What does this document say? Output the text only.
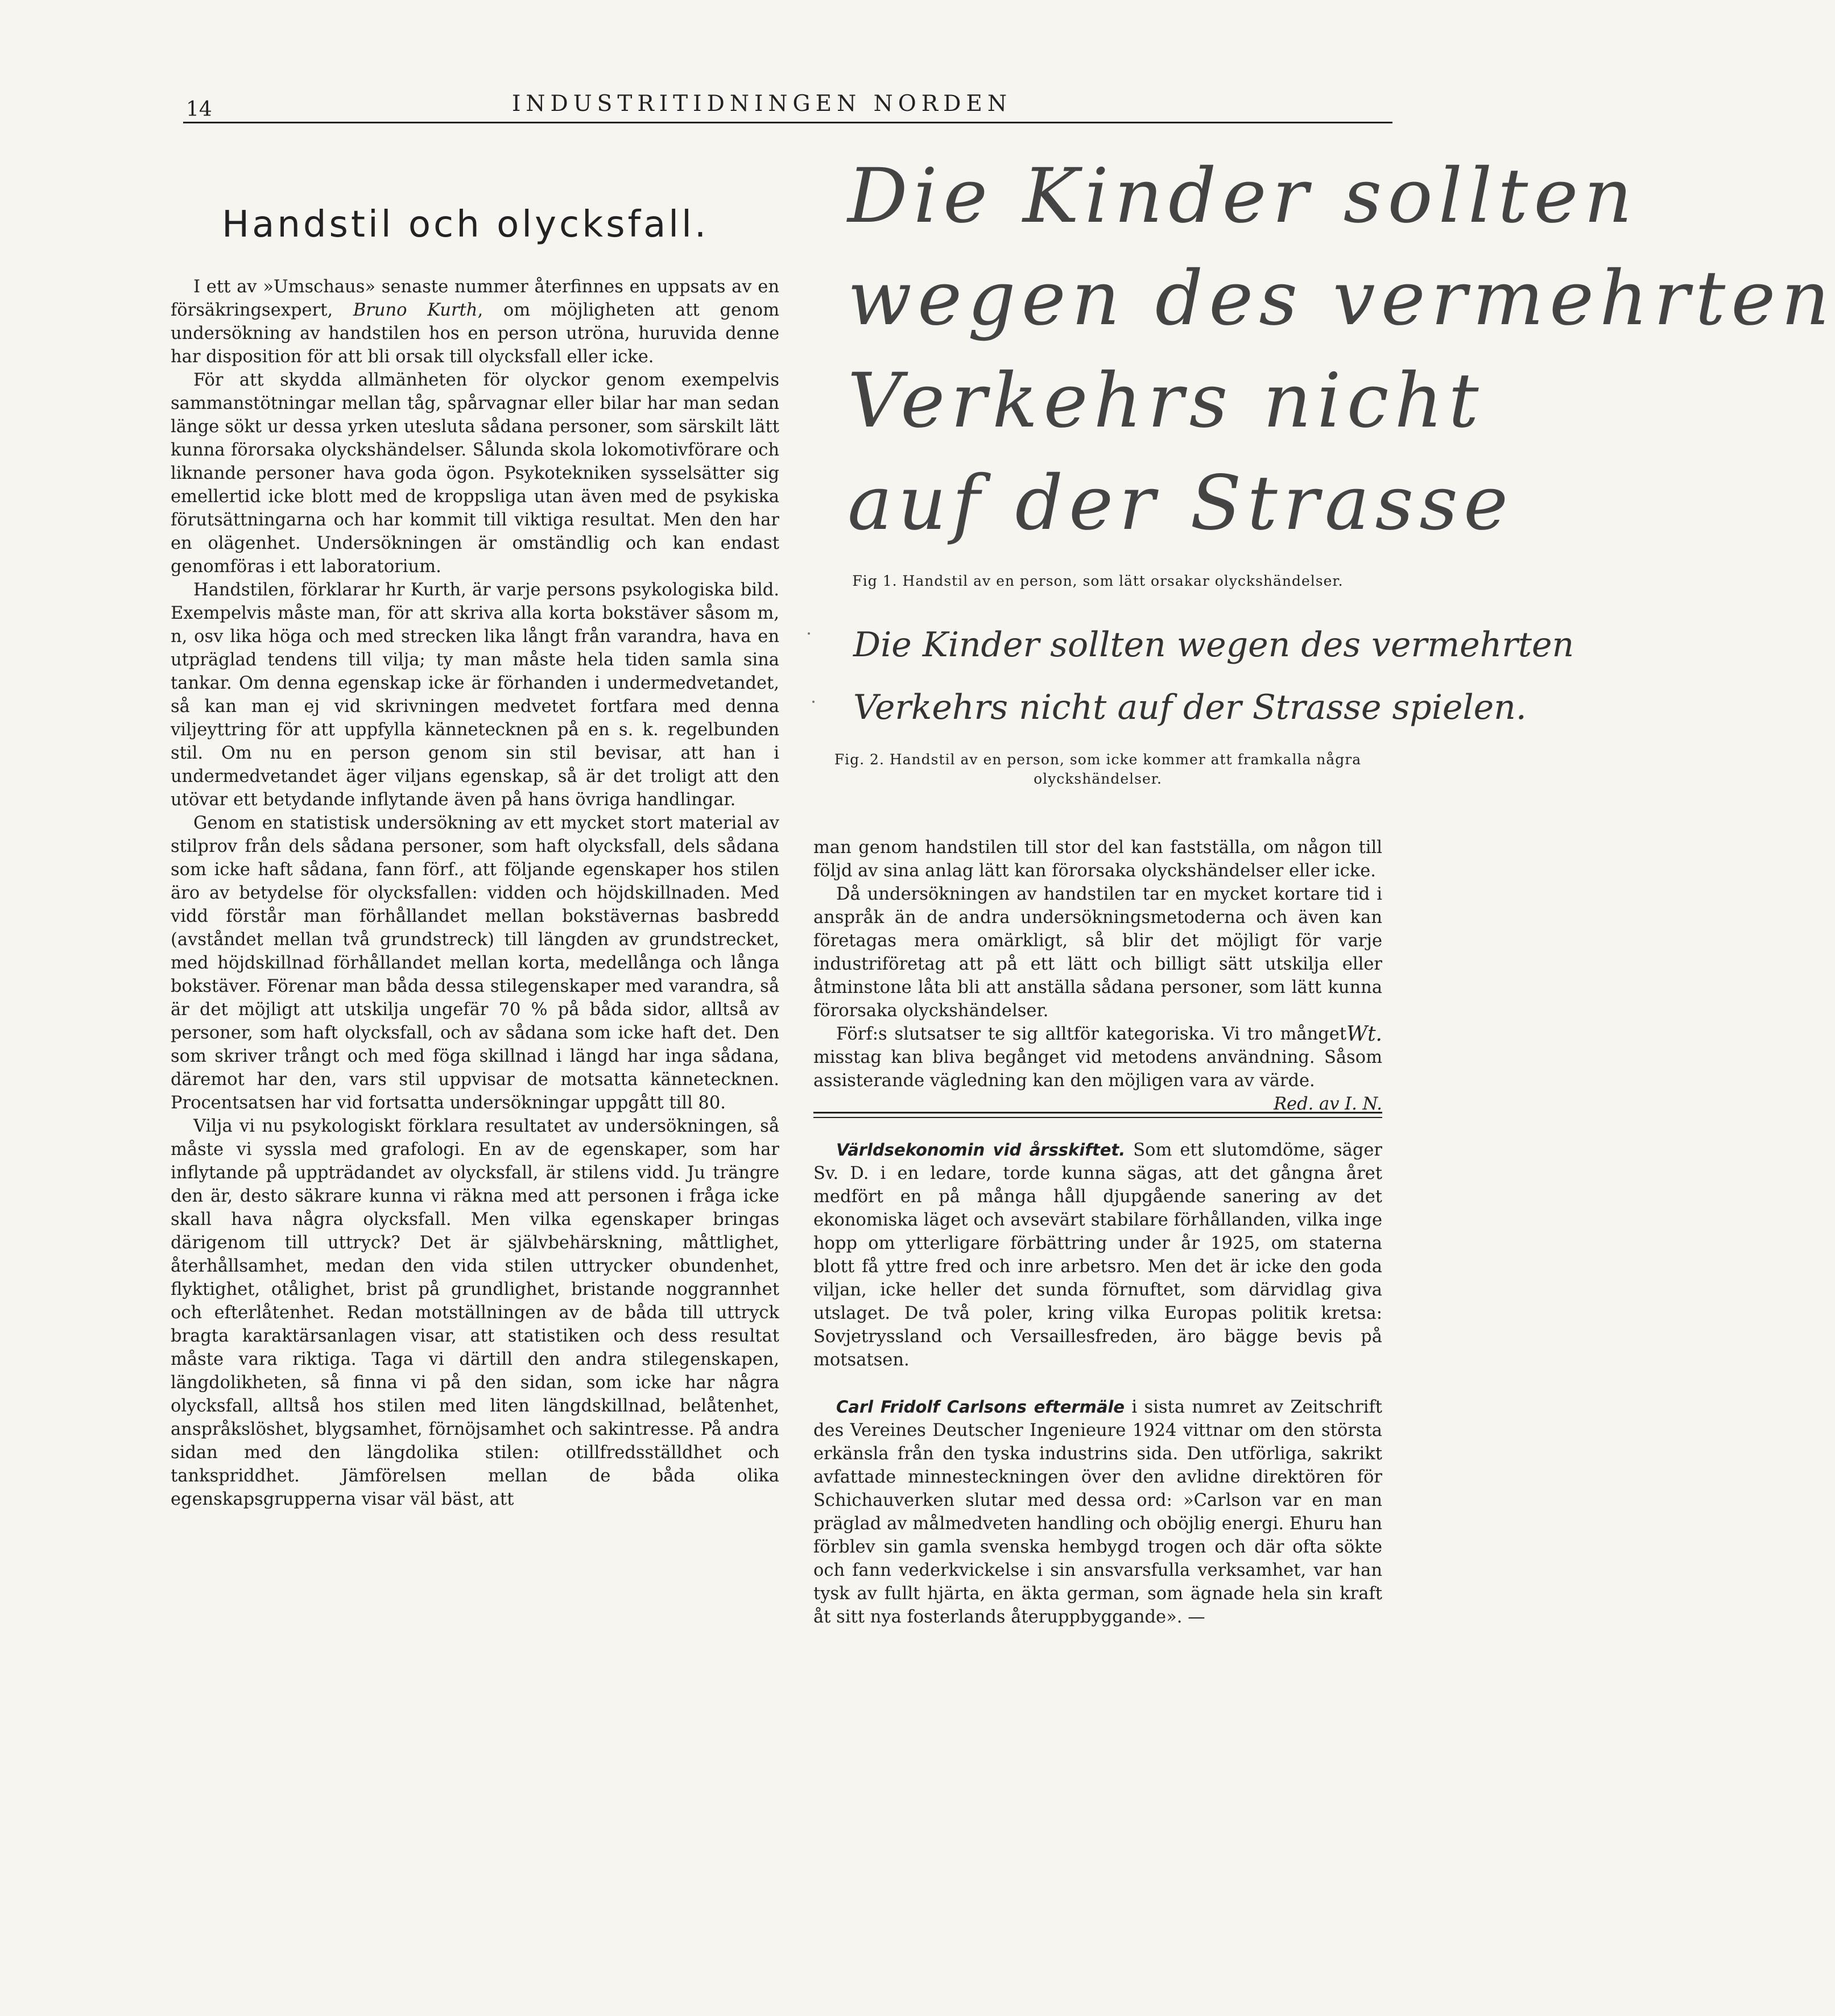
14	INDUSTRITIDNINGEN NORDEN
Handstil och olycksfall.

I ett av »Umschaus» senaste nummer återfinnes en uppsats av en försäkringsexpert, Bruno Kurth, om möjligheten att genom undersökning av handstilen hos en person utröna, huruvida denne har disposition för att bli orsak till olycksfall eller icke.

För att skydda allmänheten för olyckor genom exempelvis sammanstötningar mellan tåg, spårvagnar eller bilar har man sedan länge sökt ur dessa yrken utesluta sådana personer, som särskilt lätt kunna förorsaka olyckshändelser. Sålunda skola lokomotivförare och liknande personer hava goda ögon. Psykotekniken sysselsätter sig emellertid icke blott med de kroppsliga utan även med de psykiska förutsättningarna och har kommit till viktiga resultat. Men den har en olägenhet. Undersökningen är omständlig och kan endast genomföras i ett laboratorium.

Handstilen, förklarar hr Kurth, är varje persons psykologiska bild. Exempelvis måste man, för att skriva alla korta bokstäver såsom m, n, osv lika höga och med strecken lika långt från varandra, hava en utpräglad tendens till vilja; ty man måste hela tiden samla sina tankar. Om denna egenskap icke är förhanden i undermedvetandet, så kan man ej vid skrivningen medvetet fortfara med denna viljeyttring för att uppfylla kännetecknen på en s. k. regelbunden stil. Om nu en person genom sin stil bevisar, att han i undermedvetandet äger viljans egenskap, så är det troligt att den utövar ett betydande inflytande även på hans övriga handlingar.

Genom en statistisk undersökning av ett mycket stort material av stilprov från dels sådana personer, som haft olycksfall, dels sådana som icke haft sådana, fann förf., att följande egenskaper hos stilen äro av betydelse för olycksfallen: vidden och höjdskillnaden. Med vidd förstår man förhållandet mellan bokstävernas basbredd (avståndet mellan två grundstreck) till längden av grundstrecket, med höjdskillnad förhållandet mellan korta, medellånga och långa bokstäver. Förenar man båda dessa stilegenskaper med varandra, så är det möjligt att utskilja ungefär 70 % på båda sidor, alltså av personer, som haft olycksfall, och av sådana som icke haft det. Den som skriver trångt och med föga skillnad i längd har inga sådana, däremot har den, vars stil uppvisar de motsatta kännetecknen. Procentsatsen har vid fortsatta undersökningar uppgått till 80.

Vilja vi nu psykologiskt förklara resultatet av undersökningen, så måste vi syssla med grafologi. En av de egenskaper, som har inflytande på uppträdandet av olycksfall, är stilens vidd. Ju trängre den är, desto säkrare kunna vi räkna med att personen i fråga icke skall hava några olycksfall. Men vilka egenskaper bringas därigenom till uttryck? Det är självbehärskning, måttlighet, återhållsamhet, medan den vida stilen uttrycker obundenhet, flyktighet, otålighet, brist på grundlighet, bristande noggrannhet och efterlåtenhet. Redan motställningen av de båda till uttryck bragta karaktärsanlagen visar, att statistiken och dess resultat måste vara riktiga. Taga vi därtill den andra stilegenskapen, längdolikheten, så finna vi på den sidan, som icke har några olycksfall, alltså hos stilen med liten längdskillnad, belåtenhet, anspråkslöshet, blygsamhet, förnöjsamhet och sakintresse. På andra sidan med den längdolika stilen: otillfredsställdhet och tankspriddhet. Jämförelsen mellan de båda olika egenskapsgrupperna visar väl bäst, att

Die Kinder sollten
wegen des vermehrten
Verkehrs nicht
auf der Strasse
Fig 1. Handstil av en person, som lätt orsakar olyckshändelser.
Die Kinder sollten wegen des vermehrten
Verkehrs nicht auf der Strasse spielen.
Fig. 2. Handstil av en person, som icke kommer att framkalla några olyckshändelser.

man genom handstilen till stor del kan fastställa, om någon till följd av sina anlag lätt kan förorsaka olyckshändelser eller icke.

Då undersökningen av handstilen tar en mycket kortare tid i anspråk än de andra undersökningsmetoderna och även kan företagas mera omärkligt, så blir det möjligt för varje industriföretag att på ett lätt och billigt sätt utskilja eller åtminstone låta bli att anställa sådana personer, som lätt kunna förorsaka olyckshändelser.

Wt.

Förf:s slutsatser te sig alltför kategoriska. Vi tro månget misstag kan bliva begånget vid metodens användning. Såsom assisterande vägledning kan den möjligen vara av värde.
Red. av I. N.

Världsekonomin vid årsskiftet. Som ett slutomdöme, säger Sv. D. i en ledare, torde kunna sägas, att det gångna året medfört en på många håll djupgående sanering av det ekonomiska läget och avsevärt stabilare förhållanden, vilka inge hopp om ytterligare förbättring under år 1925, om staterna blott få yttre fred och inre arbetsro. Men det är icke den goda viljan, icke heller det sunda förnuftet, som därvidlag giva utslaget. De två poler, kring vilka Europas politik kretsa: Sovjetryssland och Versaillesfreden, äro bägge bevis på motsatsen.

Carl Fridolf Carlsons eftermäle i sista numret av Zeitschrift des Vereines Deutscher Ingenieure 1924 vittnar om den största erkänsla från den tyska industrins sida. Den utförliga, sakrikt avfattade minnesteckningen över den avlidne direktören för Schichauverken slutar med dessa ord: »Carlson var en man präglad av målmedveten handling och oböjlig energi. Ehuru han förblev sin gamla svenska hembygd trogen och där ofta sökte och fann vederkvickelse i sin ansvarsfulla verksamhet, var han tysk av fullt hjärta, en äkta german, som ägnade hela sin kraft åt sitt nya fosterlands återuppbyggande». —
